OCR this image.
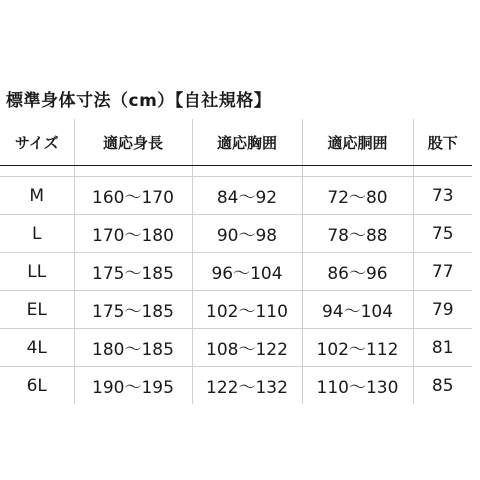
標準身体寸法（cm）【自社規格】
サイズ	適応身長	適応胸囲	適応胴囲	股下

M	160～170	84～92	72～80	73
L	170～180	90～98	78～88	75
LL	175～185	96～104	86～96	77
EL	175～185	102～110	94～104	79
4L	180～185	108～122	102～112	81
6L	190～195	122～132	110～130	85
